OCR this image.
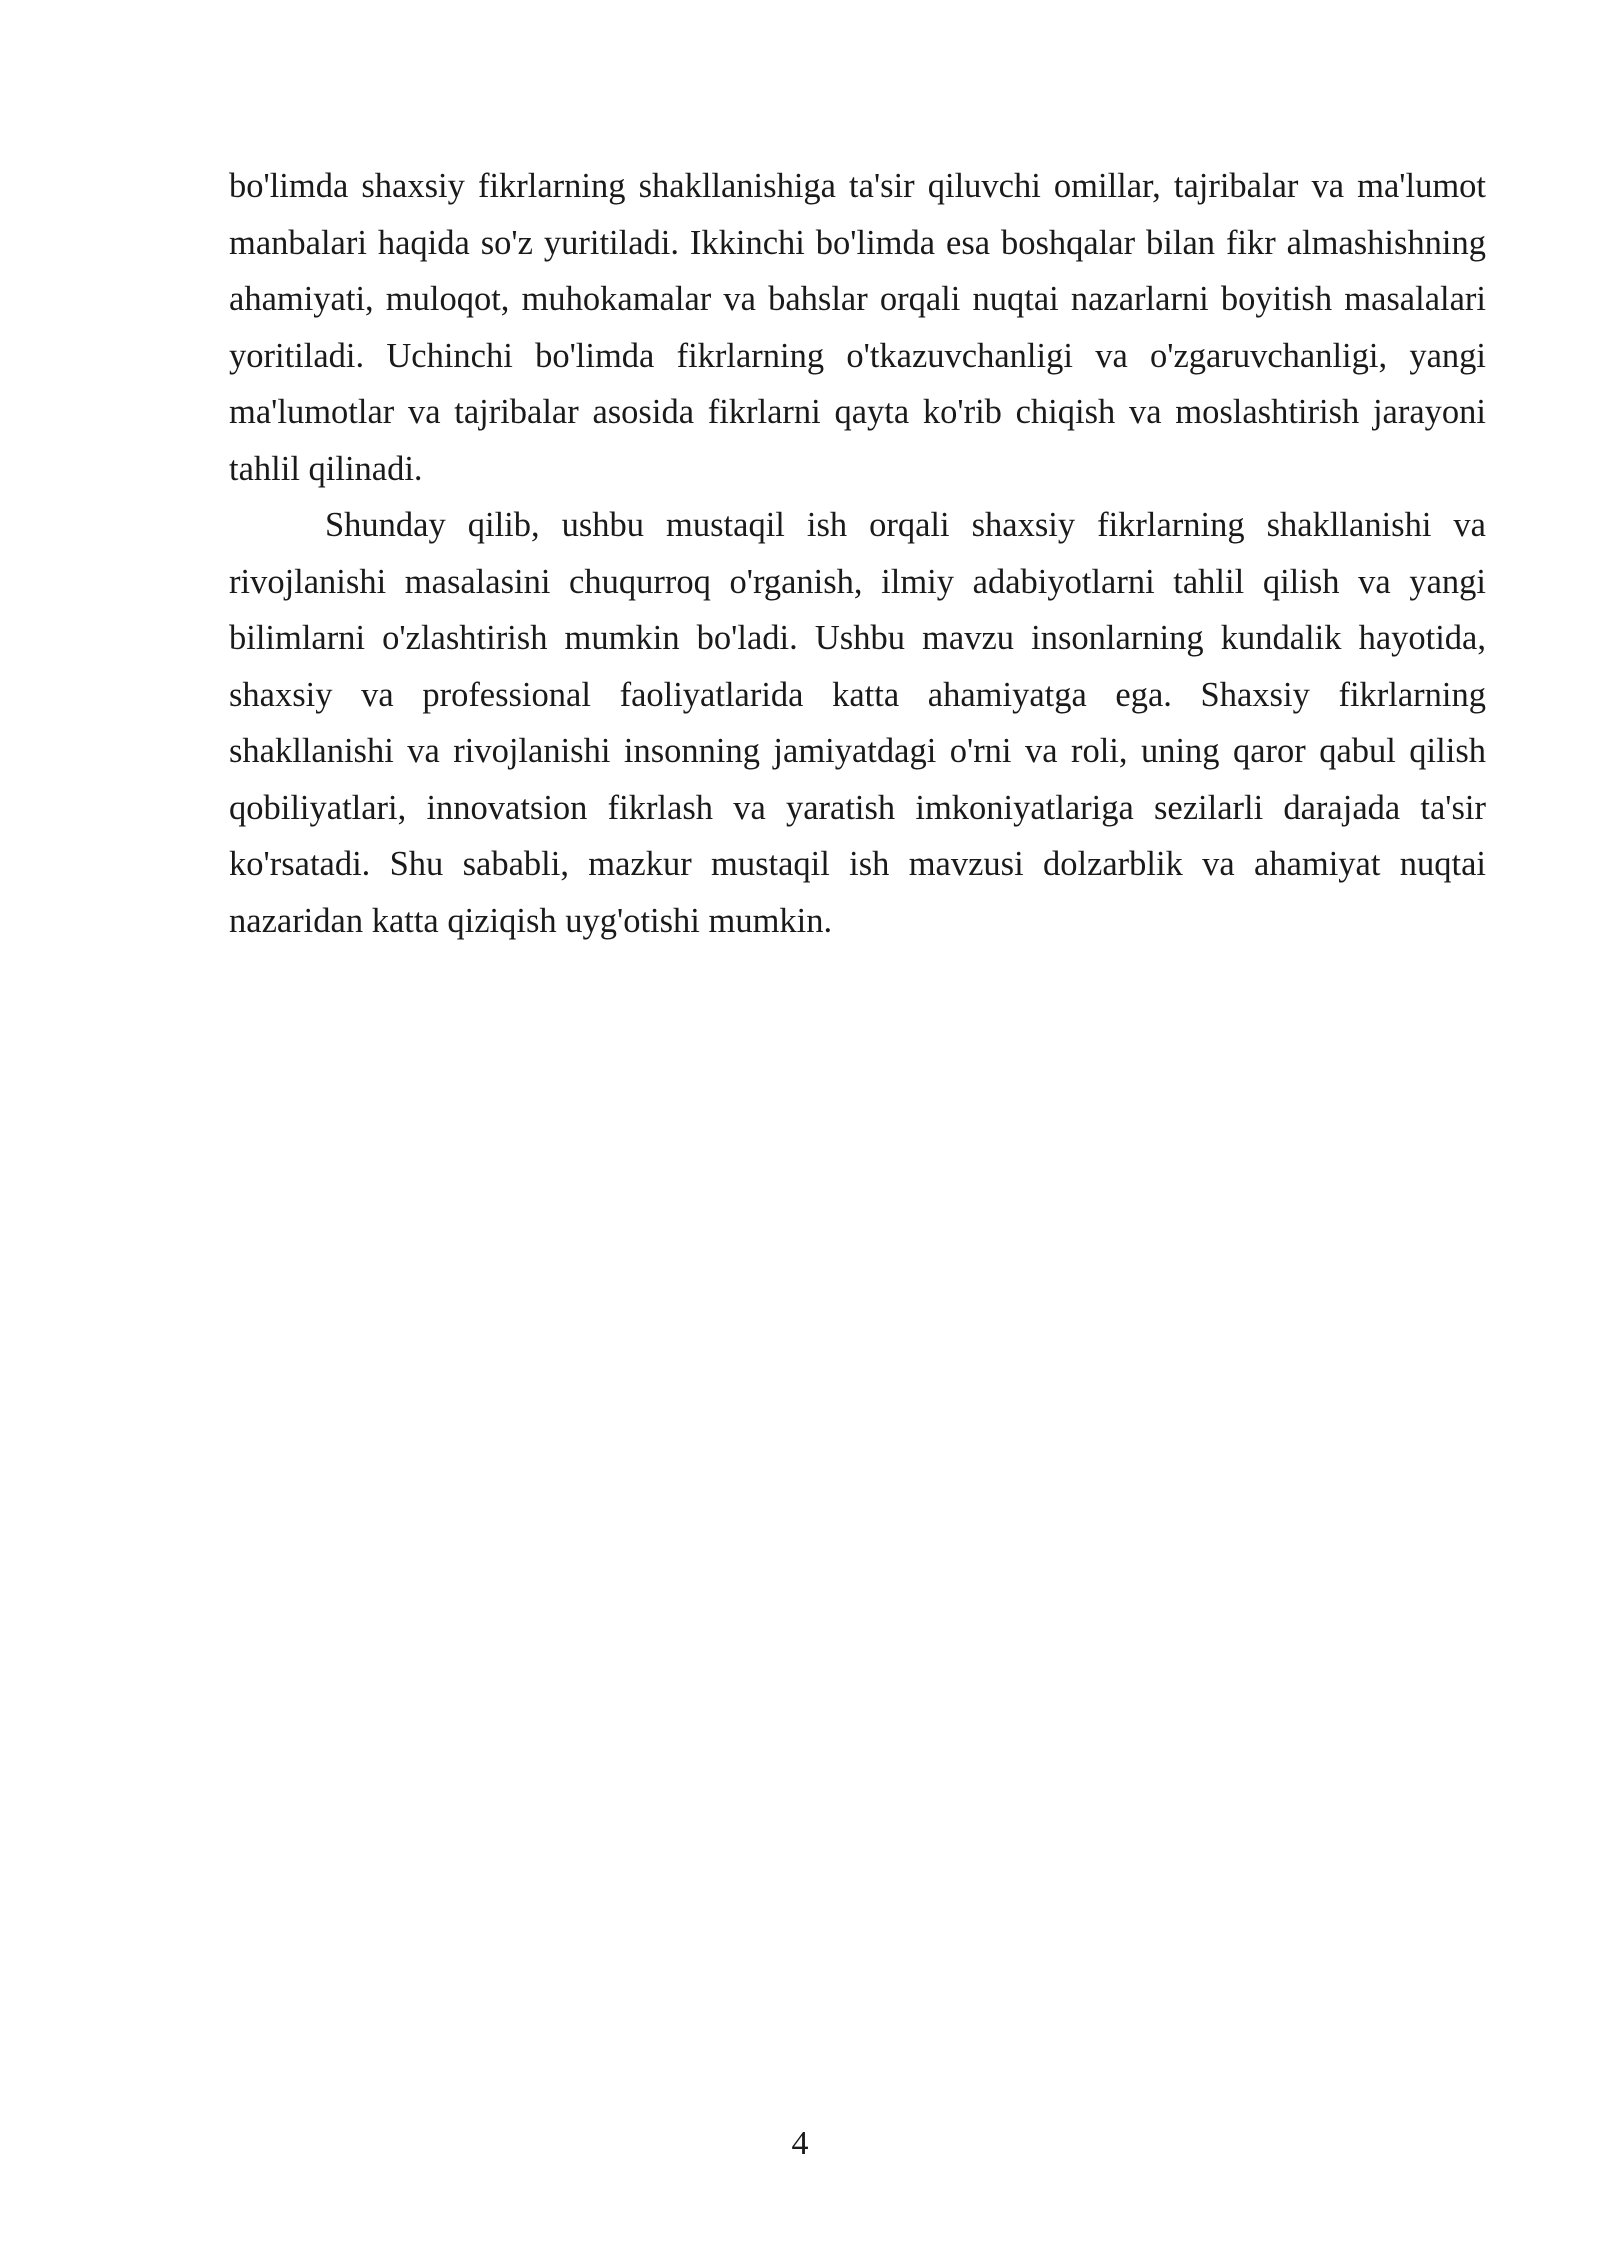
bo'limda shaxsiy fikrlarning shakllanishiga ta'sir qiluvchi omillar, tajribalar va ma'lumot manbalari haqida so'z yuritiladi. Ikkinchi bo'limda esa boshqalar bilan fikr almashishning ahamiyati, muloqot, muhokamalar va bahslar orqali nuqtai nazarlarni boyitish masalalari yoritiladi. Uchinchi bo'limda fikrlarning o'tkazuvchanligi va o'zgaruvchanligi, yangi ma'lumotlar va tajribalar asosida fikrlarni qayta ko'rib chiqish va moslashtirish jarayoni tahlil qilinadi.

Shunday qilib, ushbu mustaqil ish orqali shaxsiy fikrlarning shakllanishi va rivojlanishi masalasini chuqurroq o'rganish, ilmiy adabiyotlarni tahlil qilish va yangi bilimlarni o'zlashtirish mumkin bo'ladi. Ushbu mavzu insonlarning kundalik hayotida, shaxsiy va professional faoliyatlarida katta ahamiyatga ega. Shaxsiy fikrlarning shakllanishi va rivojlanishi insonning jamiyatdagi o'rni va roli, uning qaror qabul qilish qobiliyatlari, innovatsion fikrlash va yaratish imkoniyatlariga sezilarli darajada ta'sir ko'rsatadi. Shu sababli, mazkur mustaqil ish mavzusi dolzarblik va ahamiyat nuqtai nazaridan katta qiziqish uyg'otishi mumkin.

4
